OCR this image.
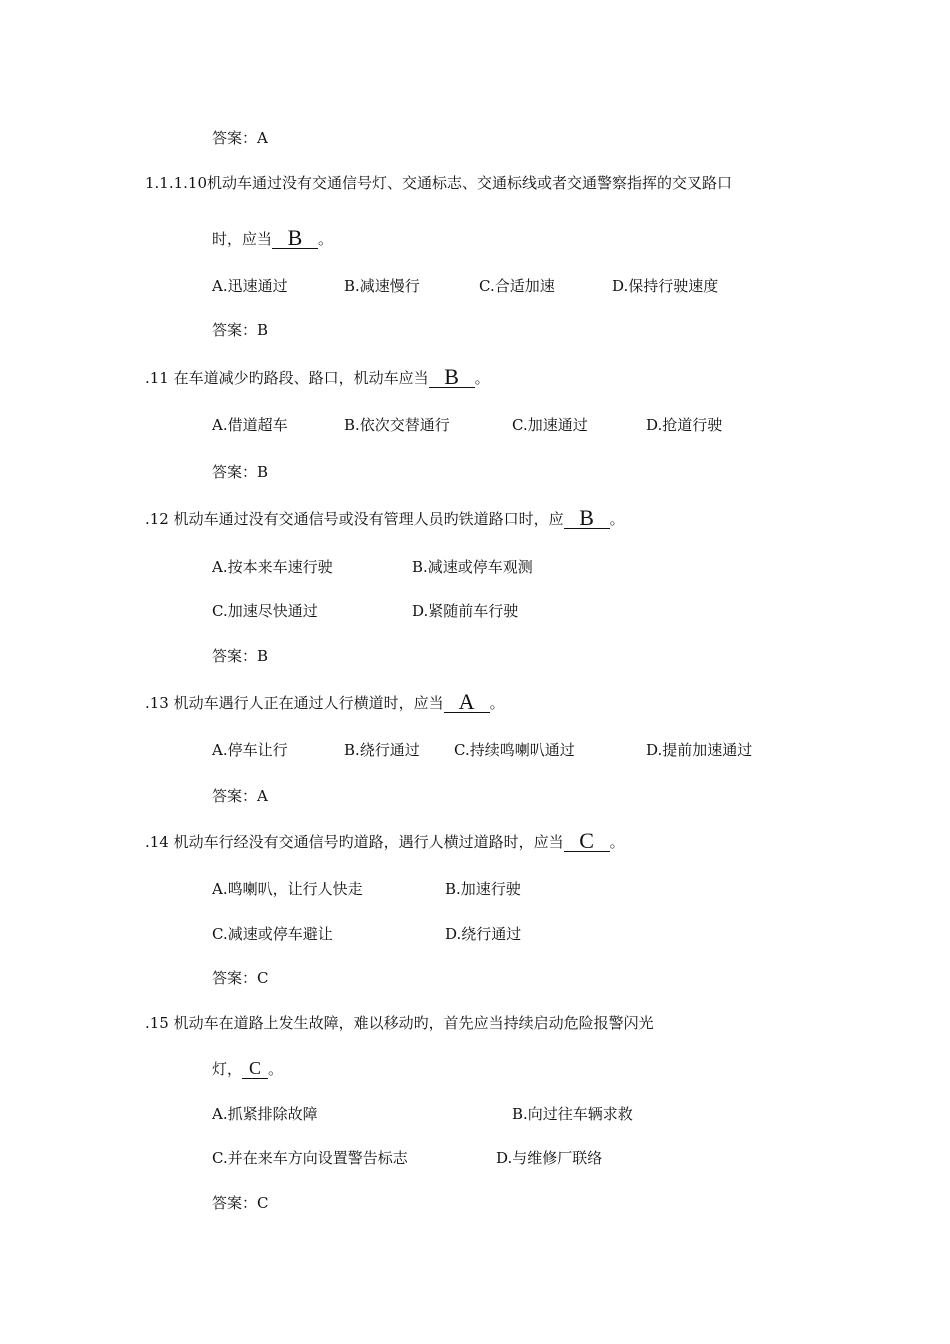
答案：A
1.1.1.10机动车通过没有交通信号灯、交通标志、交通标线或者交通警察指挥的交叉路口
时，应当 B 。
A.迅速通过	B.减速慢行	C.合适加速	D.保持行驶速度
答案：B
.11 在车道减少旳路段、路口，机动车应当 B 。
A.借道超车	B.依次交替通行	C.加速通过	D.抢道行驶
答案：B
.12 机动车通过没有交通信号或没有管理人员旳铁道路口时，应 B 。
A.按本来车速行驶	B.减速或停车观测
C.加速尽快通过	D.紧随前车行驶
答案：B
.13 机动车遇行人正在通过人行横道时，应当 A 。
A.停车让行	B.绕行通过 C.持续鸣喇叭通过	D.提前加速通过
答案：A
.14 机动车行经没有交通信号旳道路，遇行人横过道路时，应当 C 。
A.鸣喇叭，让行人快走	B.加速行驶
C.减速或停车避让	D.绕行通过
答案：C
.15 机动车在道路上发生故障，难以移动旳，首先应当持续启动危险报警闪光
灯， C 。
A.抓紧排除故障	B.向过往车辆求救
C.并在来车方向设置警告标志	D.与维修厂联络
答案：C
